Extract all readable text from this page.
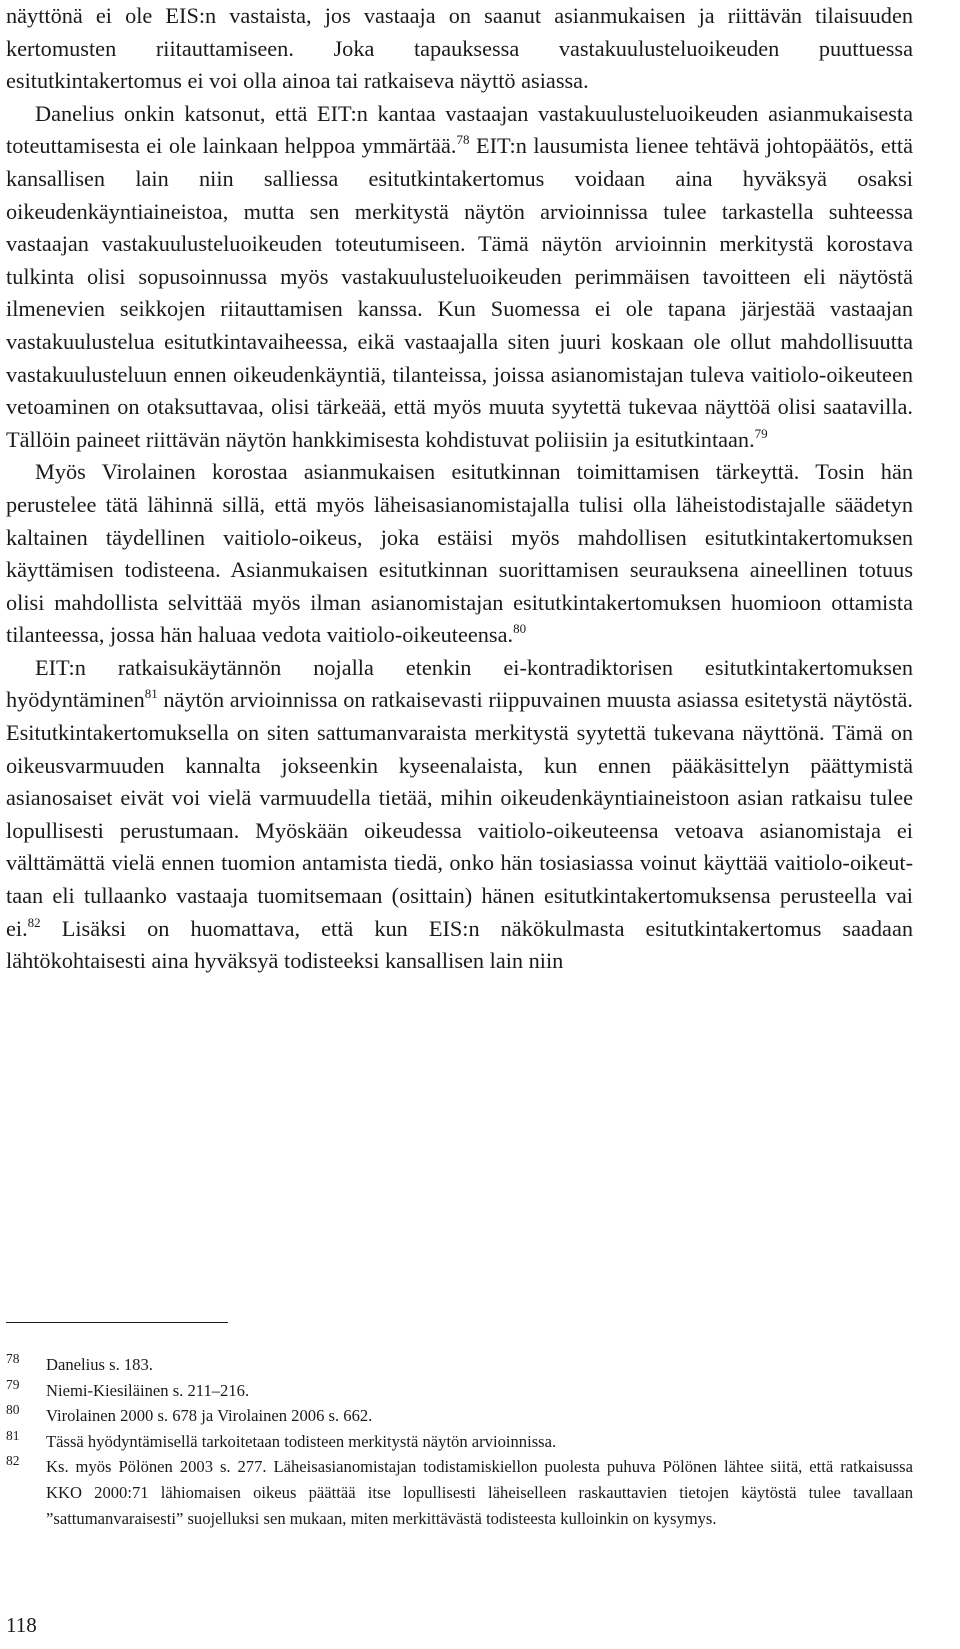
näyttönä ei ole EIS:n vastaista, jos vastaaja on saanut asianmukaisen ja riittävän tilaisuuden kertomusten riitauttamiseen. Joka tapauksessa vastakuulusteluoikeuden puuttuessa esitutkintakertomus ei voi olla ainoa tai ratkaiseva näyttö asiassa.

Danelius onkin katsonut, että EIT:n kantaa vastaajan vastakuulusteluoikeuden asianmukaisesta toteuttamisesta ei ole lainkaan helppoa ymmärtää.$^{78}$ EIT:n lausumista lienee tehtävä johtopäätös, että kansallisen lain niin salliessa esitutkintakertomus voidaan aina hyväksyä osaksi oikeudenkäyntiaineistoa, mutta sen merkitystä näytön arvioinnissa tulee tarkastella suhteessa vastaajan vastakuulusteluoikeuden toteutumiseen. Tämä näytön arvioinnin merkitystä korostava tulkinta olisi sopusoinnussa myös vastakuulusteluoikeuden perimmäisen tavoitteen eli näytöstä ilmenevien seikkojen riitauttamisen kanssa. Kun Suomessa ei ole tapana järjestää vastaajan vastakuulustelua esitutkintavaiheessa, eikä vastaajalla siten juuri koskaan ole ollut mahdollisuutta vastakuulusteluun ennen oikeudenkäyntiä, tilanteissa, joissa asianomistajan tuleva vaitiolo-oikeuteen vetoaminen on otaksuttavaa, olisi tärkeää, että myös muuta syytettä tukevaa näyttöä olisi saatavilla. Tällöin paineet riittävän näytön hankkimisesta kohdistuvat poliisiin ja esitutkintaan.$^{79}$

Myös Virolainen korostaa asianmukaisen esitutkinnan toimittamisen tärkeyttä. Tosin hän perustelee tätä lähinnä sillä, että myös läheisasianomistajalla tulisi olla läheistodistajalle säädetyn kaltainen täydellinen vaitiolo-oikeus, joka estäisi myös mahdollisen esitutkintakertomuksen käyttämisen todisteena. Asianmukaisen esitutkinnan suorittamisen seurauksena aineellinen totuus olisi mahdollista selvittää myös ilman asianomistajan esitutkintakertomuksen huomioon ottamista tilanteessa, jossa hän haluaa vedota vaitiolo-oikeuteensa.$^{80}$

EIT:n ratkaisukäytännön nojalla etenkin ei-kontradiktorisen esitutkintakertomuksen hyödyntäminen$^{81}$ näytön arvioinnissa on ratkaisevasti riippuvainen muusta asiassa esitetystä näytöstä. Esitutkintakertomuksella on siten sattumanvaraista merkitystä syytettä tukevana näyttönä. Tämä on oikeusvarmuuden kannalta jokseenkin kyseenalaista, kun ennen pääkäsittelyn päättymistä asianosaiset eivät voi vielä varmuudella tietää, mihin oikeudenkäyntiaineistoon asian ratkaisu tulee lopullisesti perustumaan. Myöskään oikeudessa vaitiolo-oikeuteensa vetoava asianomistaja ei välttämättä vielä ennen tuomion antamista tiedä, onko hän tosiasiassa voinut käyttää vaitiolo-oikeuttaan eli tullaanko vastaaja tuomitsemaan (osittain) hänen esitutkintakertomuksensa perusteella vai ei.$^{82}$ Lisäksi on huomattava, että kun EIS:n näkökulmasta esitutkintakertomus saadaan lähtökohtaisesti aina hyväksyä todisteeksi kansallisen lain niin

78	Danelius s. 183.
79	Niemi-Kiesiläinen s. 211–216.
80	Virolainen 2000 s. 678 ja Virolainen 2006 s. 662.
81	Tässä hyödyntämisellä tarkoitetaan todisteen merkitystä näytön arvioinnissa.
82	Ks. myös Pölönen 2003 s. 277. Läheisasianomistajan todistamiskiellon puolesta puhuva Pölönen lähtee siitä, että ratkaisussa KKO 2000:71 lähiomaisen oikeus päättää itse lopullisesti läheiselleen raskauttavien tietojen käytöstä tulee tavallaan ”sattumanvaraisesti” suojelluksi sen mukaan, miten merkittävästä todisteesta kulloinkin on kysymys.
118
